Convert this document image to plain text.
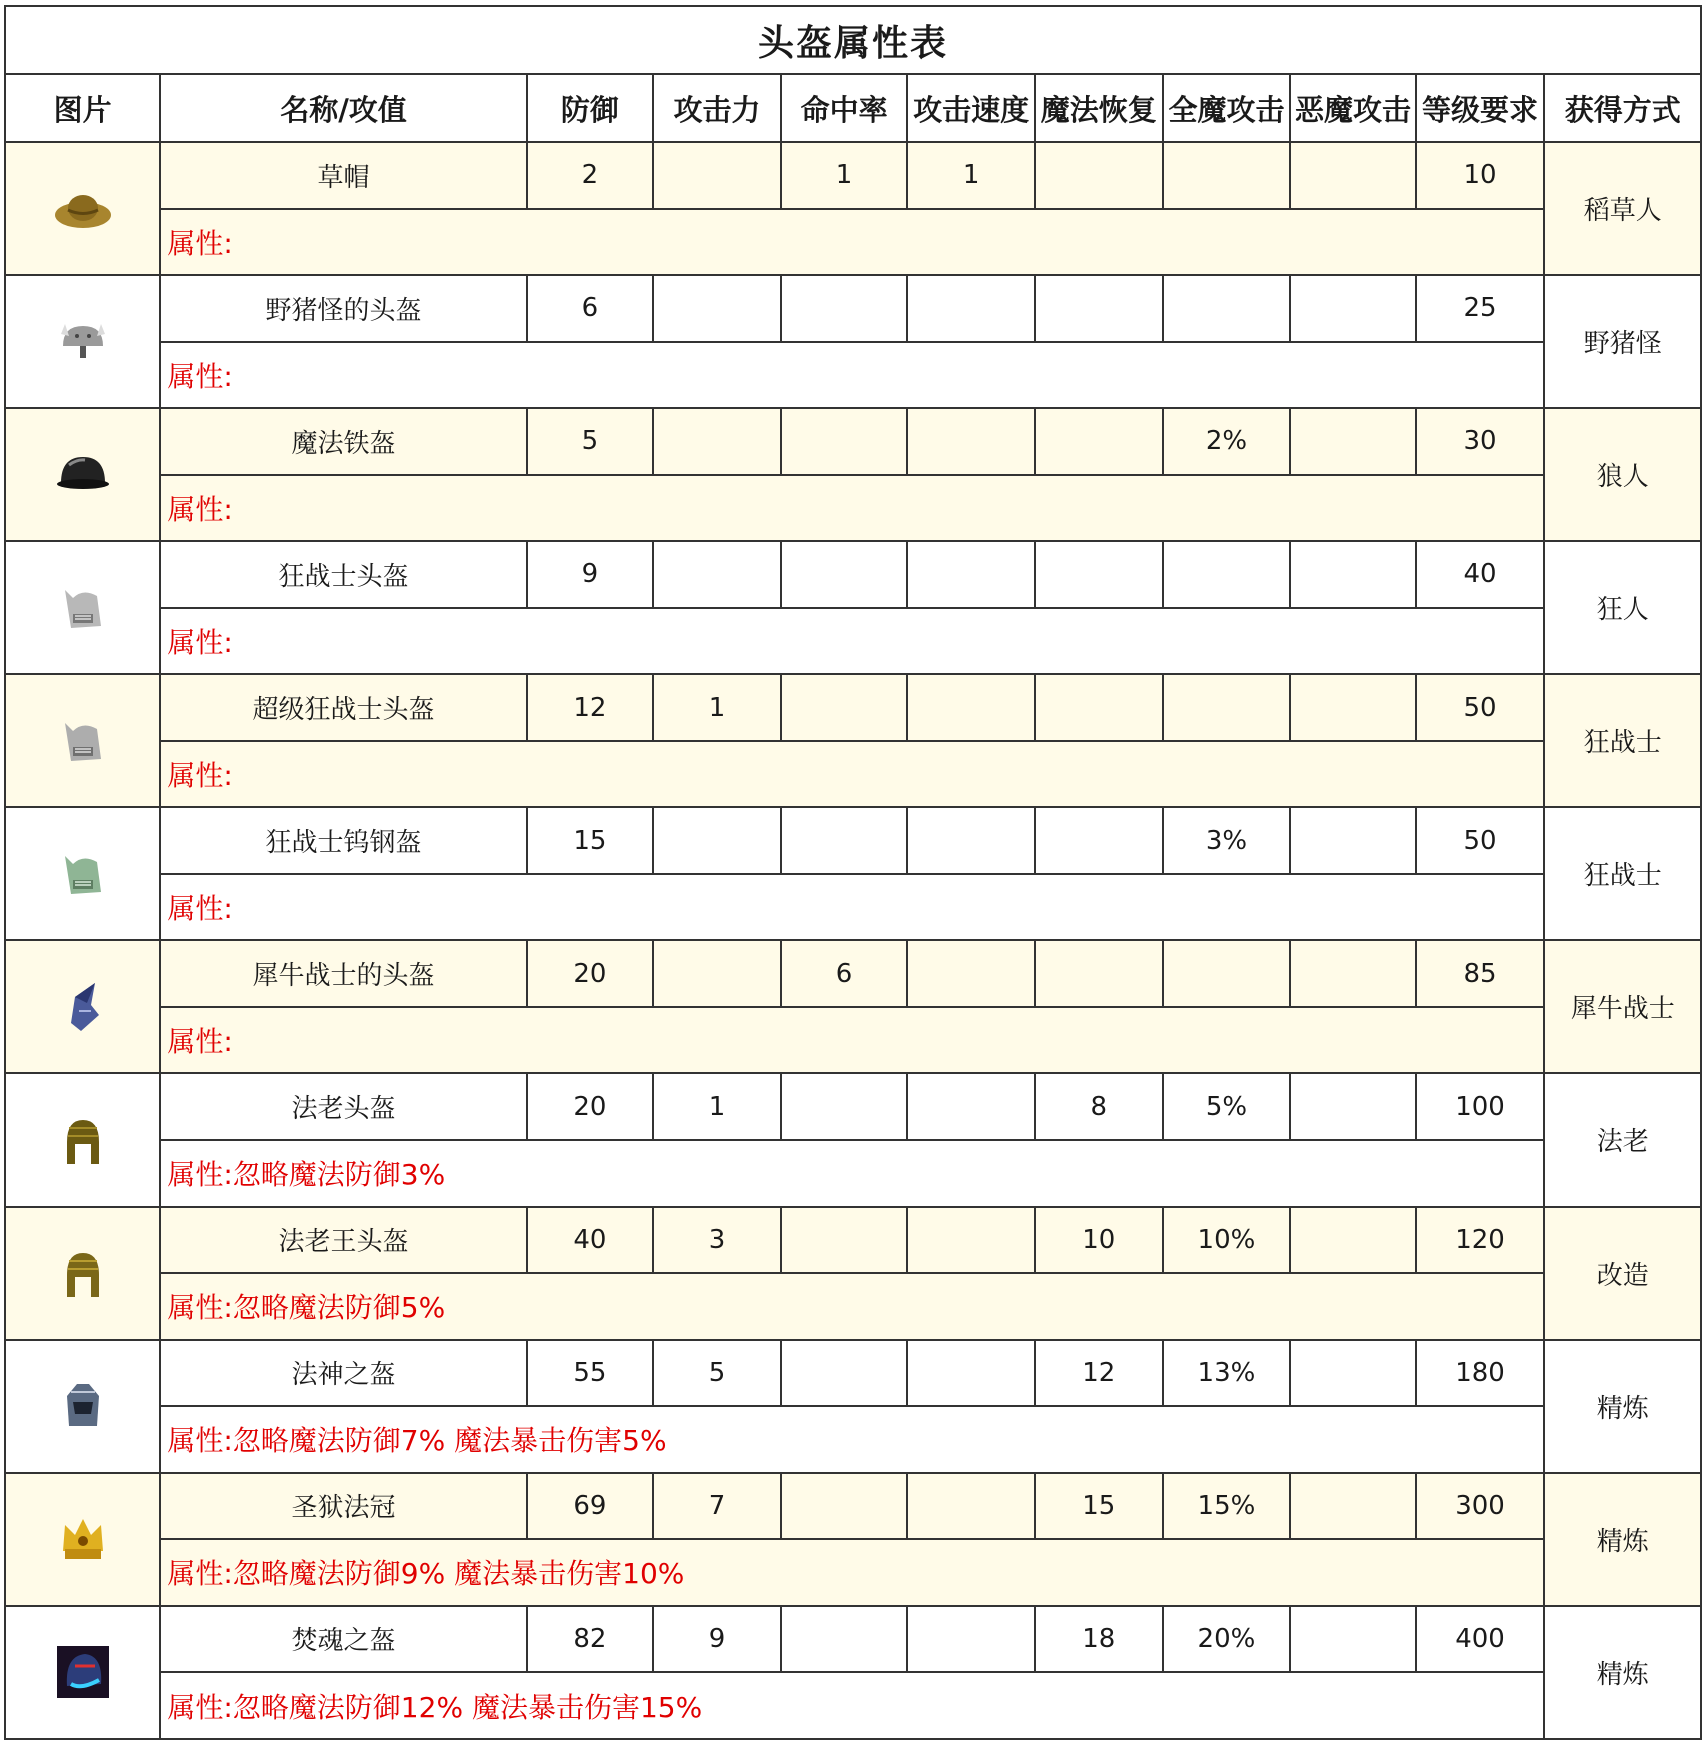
头盔属性表										
图片	名称/攻值	防御	攻击力	命中率	攻击速度	魔法恢复	全魔攻击	恶魔攻击	等级要求	获得方式

	草帽	2		1	1				10	稻草人
	属性:									

	野猪怪的头盔	6							25	野猪怪
	属性:									

	魔法铁盔	5					2%		30	狼人
	属性:									

	狂战士头盔	9							40	狂人
	属性:									

	超级狂战士头盔	12	1						50	狂战士
	属性:									

	狂战士钨钢盔	15					3%		50	狂战士
	属性:									

	犀牛战士的头盔	20		6					85	犀牛战士
	属性:									

	法老头盔	20	1			8	5%		100	法老
	属性:忽略魔法防御3%									

	法老王头盔	40	3			10	10%		120	改造
	属性:忽略魔法防御5%									

	法神之盔	55	5			12	13%		180	精炼
	属性:忽略魔法防御7% 魔法暴击伤害5%									

	圣狱法冠	69	7			15	15%		300	精炼
	属性:忽略魔法防御9% 魔法暴击伤害10%									

	焚魂之盔	82	9			18	20%		400	精炼
	属性:忽略魔法防御12% 魔法暴击伤害15%									
